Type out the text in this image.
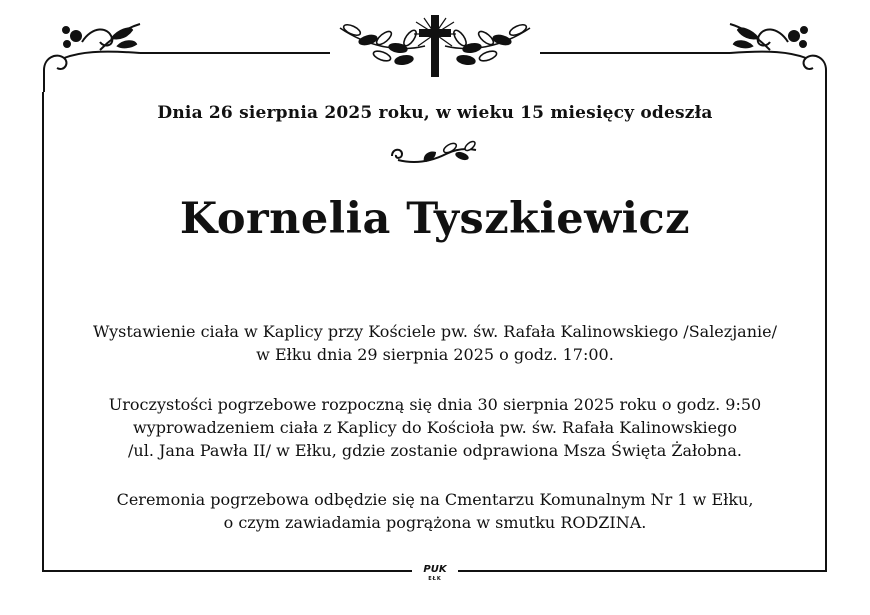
Dnia 26 sierpnia 2025 roku, w wieku 15 miesięcy odeszła
Kornelia Tyszkiewicz
Wystawienie ciała w Kaplicy przy Kościele pw. św. Rafała Kalinowskiego /Salezjanie/
w Ełku dnia 29 sierpnia 2025 o godz. 17:00.
Uroczystości pogrzebowe rozpoczną się dnia 30 sierpnia 2025 roku o godz. 9:50
wyprowadzeniem ciała z Kaplicy do Kościoła pw. św. Rafała Kalinowskiego
/ul. Jana Pawła II/ w Ełku, gdzie zostanie odprawiona Msza Święta Żałobna.
Ceremonia pogrzebowa odbędzie się na Cmentarzu Komunalnym Nr 1 w Ełku,
o czym zawiadamia pogrążona w smutku RODZINA.
PUK
EŁK
